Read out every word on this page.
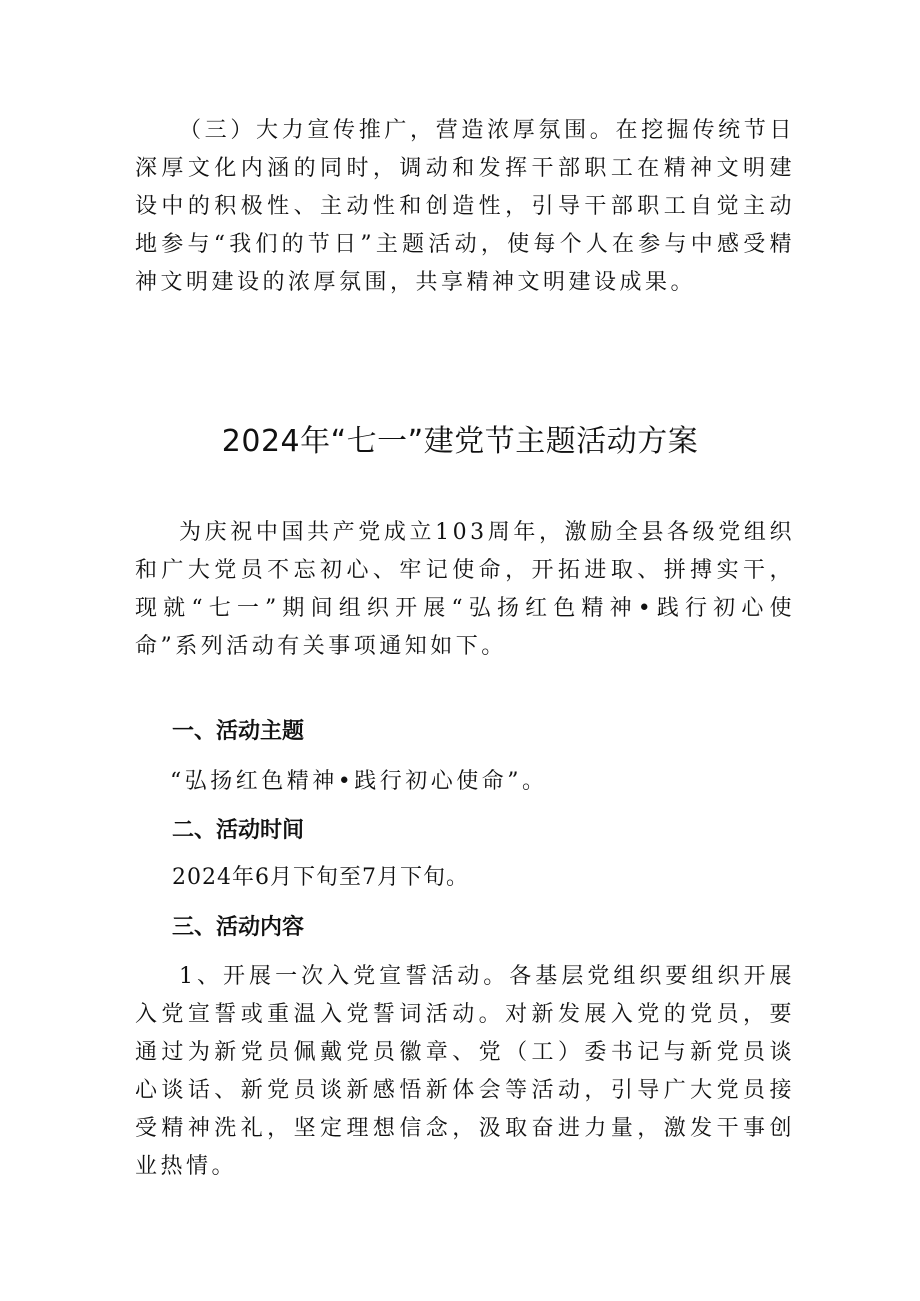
（三）大力宣传推广，营造浓厚氛围。在挖掘传统节日深厚文化内涵的同时，调动和发挥干部职工在精神文明建设中的积极性、主动性和创造性，引导干部职工自觉主动地参与“我们的节日”主题活动，使每个人在参与中感受精神文明建设的浓厚氛围，共享精神文明建设成果。

2024年“七一”建党节主题活动方案

为庆祝中国共产党成立103周年，激励全县各级党组织和广大党员不忘初心、牢记使命，开拓进取、拼搏实干，现就“七一”期间组织开展“弘扬红色精神•践行初心使命”系列活动有关事项通知如下。

一、活动主题

“弘扬红色精神•践行初心使命”。

二、活动时间

2024年6月下旬至7月下旬。

三、活动内容

1、开展一次入党宣誓活动。各基层党组织要组织开展入党宣誓或重温入党誓词活动。对新发展入党的党员，要通过为新党员佩戴党员徽章、党（工）委书记与新党员谈心谈话、新党员谈新感悟新体会等活动，引导广大党员接受精神洗礼，坚定理想信念，汲取奋进力量，激发干事创业热情。
